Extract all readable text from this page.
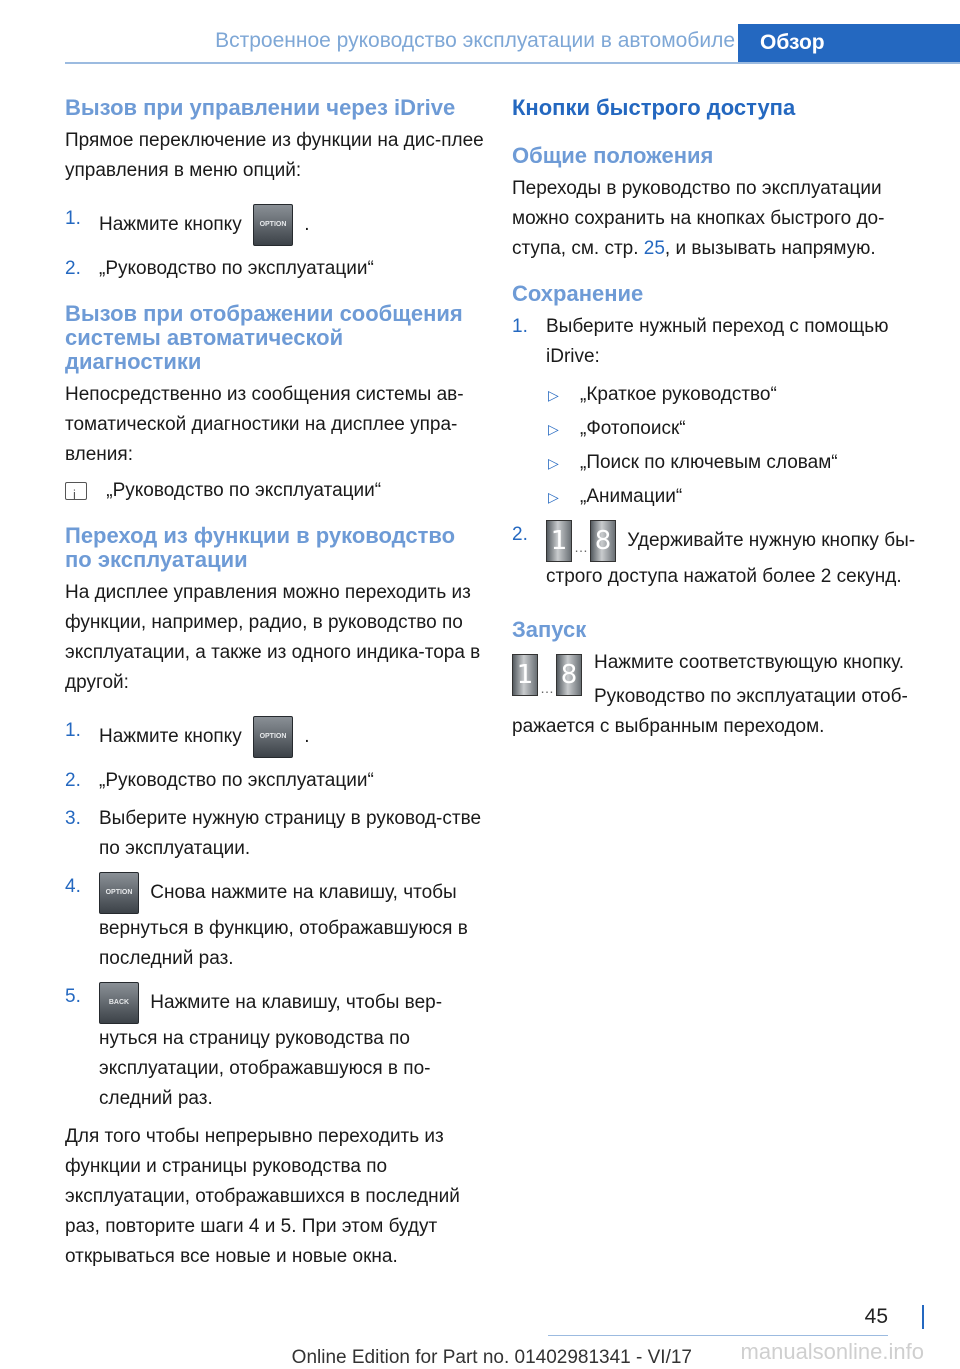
Встроенное руководство эксплуатации в автомобиле	Обзор
Вызов при управлении через iDrive

Прямое переключение из функции на дис-плее управления в меню опций:

1. Нажмите кнопку	OPTION .
2. „Руководство по эксплуатации“
Вызов при отображении сообщения системы автоматической диагностики

Непосредственно из сообщения системы ав-томатической диагностики на дисплее упра-вления:

i „Руководство по эксплуатации“

Переход из функции в руководство по эксплуатации

На дисплее управления можно переходить из функции, например, радио, в руководство по эксплуатации, а также из одного индика-тора в другой:

1. Нажмите кнопку	OPTION .
2. „Руководство по эксплуатации“
3. Выберите нужную страницу в руковод-стве по эксплуатации.
4.	OPTION Снова нажмите на клавишу, чтобы вернуться в функцию, отображавшуюся в последний раз.
5.	BACK Нажмите на клавишу, чтобы вер-нуться на страницу руководства по эксплуатации, отображавшуюся в по-следний раз.

Для того чтобы непрерывно переходить из функции и страницы руководства по эксплуатации, отображавшихся в последний раз, повторите шаги 4 и 5. При этом будут открываться все новые и новые окна.

Кнопки быстрого доступа
Общие положения

Переходы в руководство по эксплуатации можно сохранить на кнопках быстрого до-ступа, см. стр. 25, и вызывать напрямую.

Сохранение
1. Выберите нужный переход с помощью iDrive:
▷ „Краткое руководство“
▷ „Фотопоиск“
▷ „Поиск по ключевым словам“
▷ „Анимации“
2. 1 … 8 Удерживайте нужную кнопку бы-строго доступа нажатой более 2 секунд.
Запуск
1 … 8 Нажмите соответствующую кнопку.

Руководство по эксплуатации отоб-ражается с выбранным переходом.

45
Online Edition for Part no. 01402981341 - VI/17 manualsonline.info
